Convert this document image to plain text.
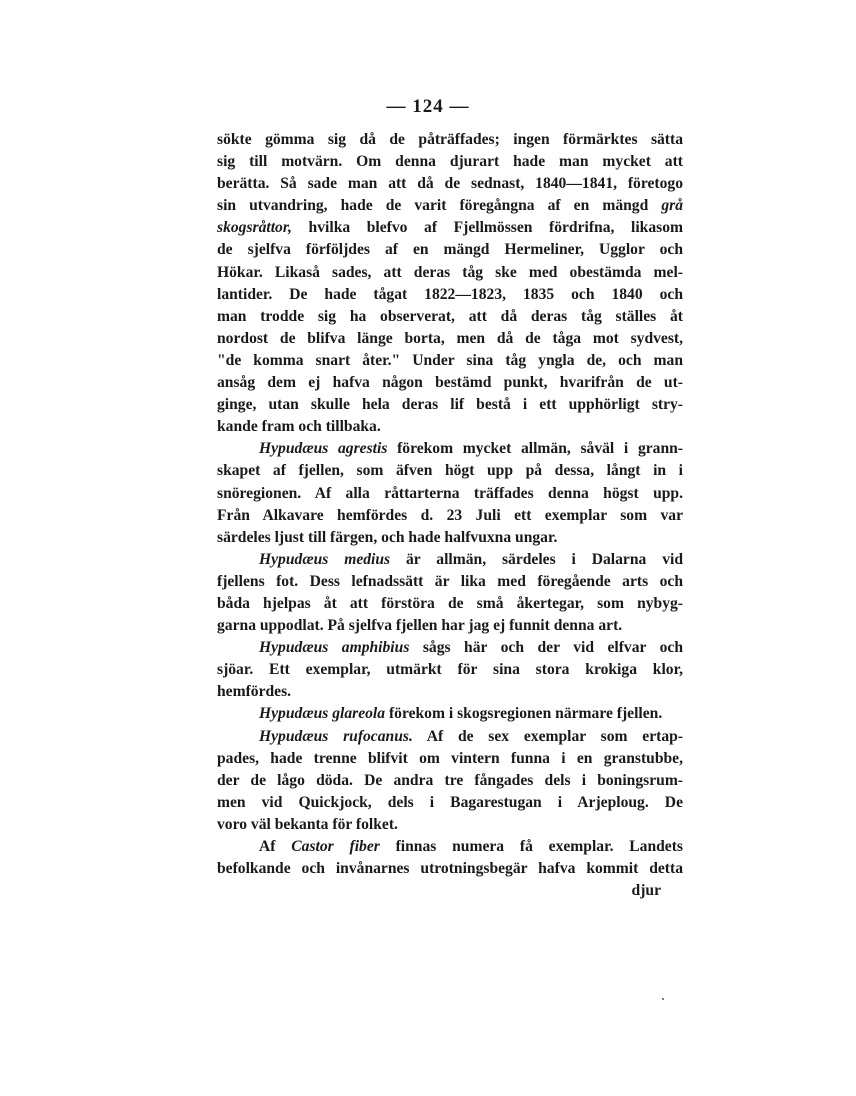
— 124 —
sökte gömma sig då de påträffades; ingen förmärktes sätta
sig till motvärn. Om denna djurart hade man mycket att
berätta. Så sade man att då de sednast, 1840—1841, företogo
sin utvandring, hade de varit föregångna af en mängd grå
skogsråttor, hvilka blefvo af Fjellmössen fördrifna, likasom
de sjelfva förföljdes af en mängd Hermeliner, Ugglor och
Hökar. Likaså sades, att deras tåg ske med obestämda mel-
lantider. De hade tågat 1822—1823, 1835 och 1840 och
man trodde sig ha observerat, att då deras tåg ställes åt
nordost de blifva länge borta, men då de tåga mot sydvest,
"de komma snart åter." Under sina tåg yngla de, och man
ansåg dem ej hafva någon bestämd punkt, hvarifrån de ut-
ginge, utan skulle hela deras lif bestå i ett upphörligt stry-
kande fram och tillbaka.
Hypudæus agrestis förekom mycket allmän, såväl i grann-
skapet af fjellen, som äfven högt upp på dessa, långt in i
snöregionen. Af alla råttarterna träffades denna högst upp.
Från Alkavare hemfördes d. 23 Juli ett exemplar som var
särdeles ljust till färgen, och hade halfvuxna ungar.
Hypudæus medius är allmän, särdeles i Dalarna vid
fjellens fot. Dess lefnadssätt är lika med föregående arts och
båda hjelpas åt att förstöra de små åkertegar, som nybyg-
garna uppodlat. På sjelfva fjellen har jag ej funnit denna art.
Hypudæus amphibius sågs här och der vid elfvar och
sjöar. Ett exemplar, utmärkt för sina stora krokiga klor,
hemfördes.
Hypudæus glareola förekom i skogsregionen närmare fjellen.
Hypudæus rufocanus. Af de sex exemplar som ertap-
pades, hade trenne blifvit om vintern funna i en granstubbe,
der de lågo döda. De andra tre fångades dels i boningsrum-
men vid Quickjock, dels i Bagarestugan i Arjeploug. De
voro väl bekanta för folket.
Af Castor fiber finnas numera få exemplar. Landets
befolkande och invånarnes utrotningsbegär hafva kommit detta
djur
